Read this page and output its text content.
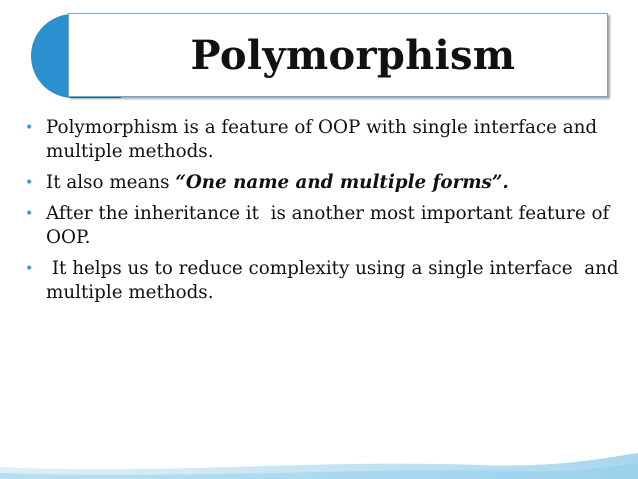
Polymorphism
• Polymorphism is a feature of OOP with single interface and multiple methods.
• It also means “One name and multiple forms”.
• After the inheritance it  is another most important feature of OOP.
• It helps us to reduce complexity using a single interface  and multiple methods.
